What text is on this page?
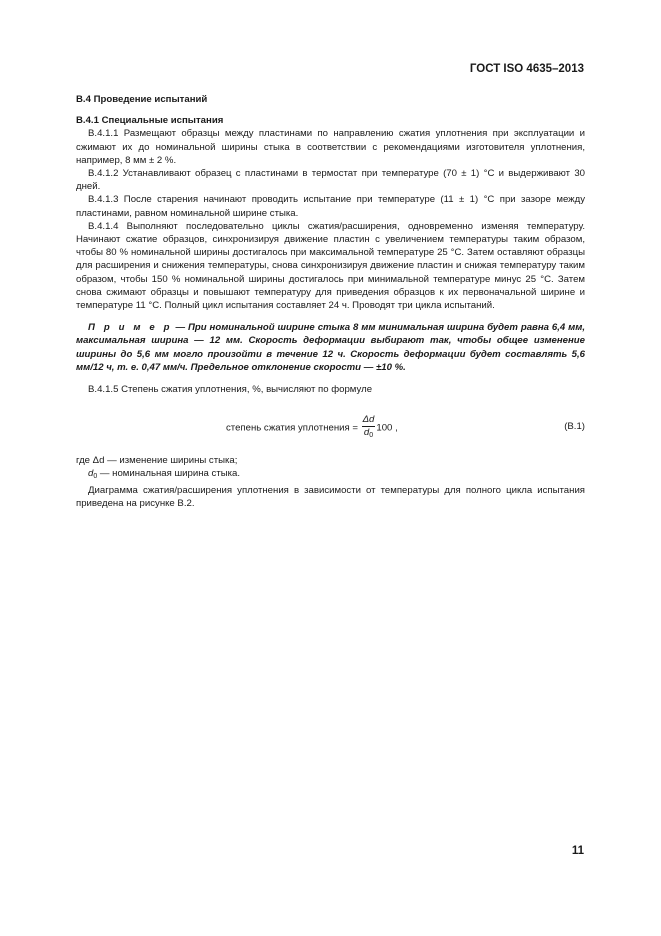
ГОСТ ISO 4635–2013

В.4 Проведение испытаний

В.4.1 Специальные испытания

В.4.1.1 Размещают образцы между пластинами по направлению сжатия уплотнения при эксплуатации и сжимают их до номинальной ширины стыка в соответствии с рекомендациями изготовителя уплотнения, например, 8 мм ± 2 %.

В.4.1.2 Устанавливают образец с пластинами в термостат при температуре (70 ± 1) °С и выдерживают 30 дней.

В.4.1.3 После старения начинают проводить испытание при температуре (11 ± 1) °С при зазоре между пластинами, равном номинальной ширине стыка.

В.4.1.4 Выполняют последовательно циклы сжатия/расширения, одновременно изменяя температуру. Начинают сжатие образцов, синхронизируя движение пластин с увеличением температуры таким образом, чтобы 80 % номинальной ширины достигалось при максимальной температуре 25 °С. Затем оставляют образцы для расширения и снижения температуры, снова синхронизируя движение пластин и снижая температуру таким образом, чтобы 150 % номинальной ширины достигалось при минимальной температуре минус 25 °С. Затем снова сжимают образцы и повышают температуру для приведения образцов к их первоначальной ширине и температуре 11 °С. Полный цикл испытания составляет 24 ч. Проводят три цикла испытаний.

П р и м е р — При номинальной ширине стыка 8 мм минимальная ширина будет равна 6,4 мм, максимальная ширина — 12 мм. Скорость деформации выбирают так, чтобы общее изменение ширины до 5,6 мм могло произойти в течение 12 ч. Скорость деформации будет составлять 5,6 мм/12 ч, т. е. 0,47 мм/ч. Предельное отклонение скорости — ±10 %.

В.4.1.5 Степень сжатия уплотнения, %, вычисляют по формуле

степень сжатия уплотнения = $\frac{\Delta d}{d_0} 100$ ,	(В.1)

где Δd — изменение ширины стыка;

$d_0$ — номинальная ширина стыка.

Диаграмма сжатия/расширения уплотнения в зависимости от температуры для полного цикла испытания приведена на рисунке В.2.

11
